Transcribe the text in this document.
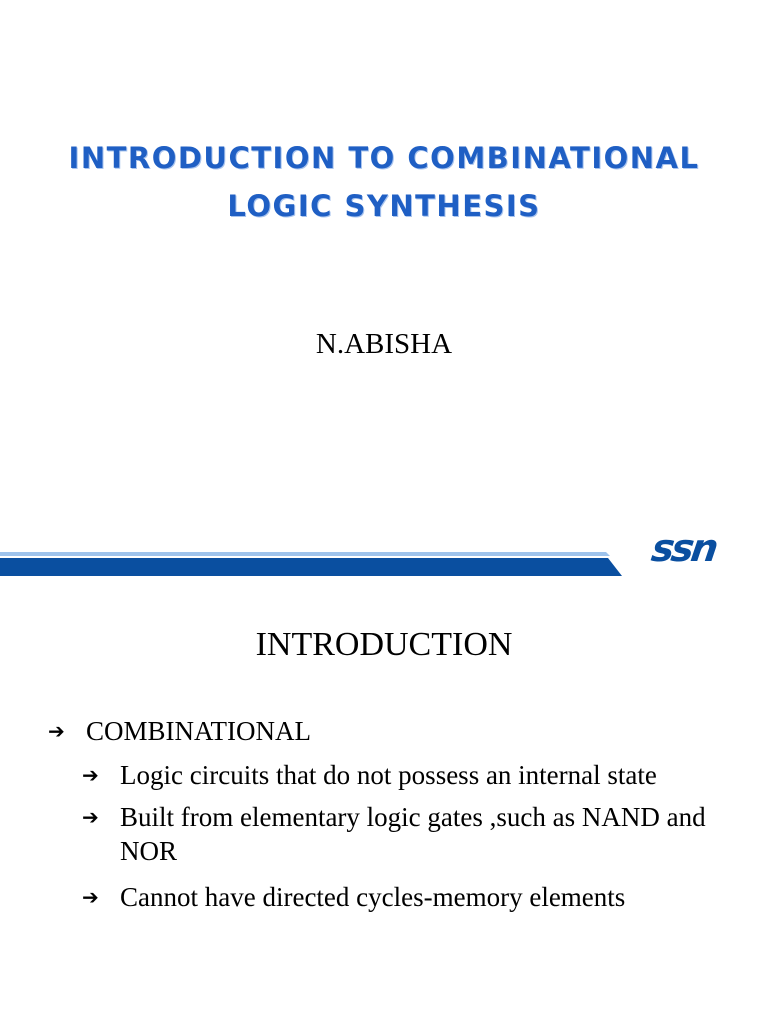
INTRODUCTION TO COMBINATIONAL
LOGIC SYNTHESIS
N.ABISHA
ssn
INTRODUCTION
➔ COMBINATIONAL
➔ Logic circuits that do not possess an internal state
➔ Built from elementary logic gates ,such as NAND and NOR
➔ Cannot have directed cycles-memory elements
